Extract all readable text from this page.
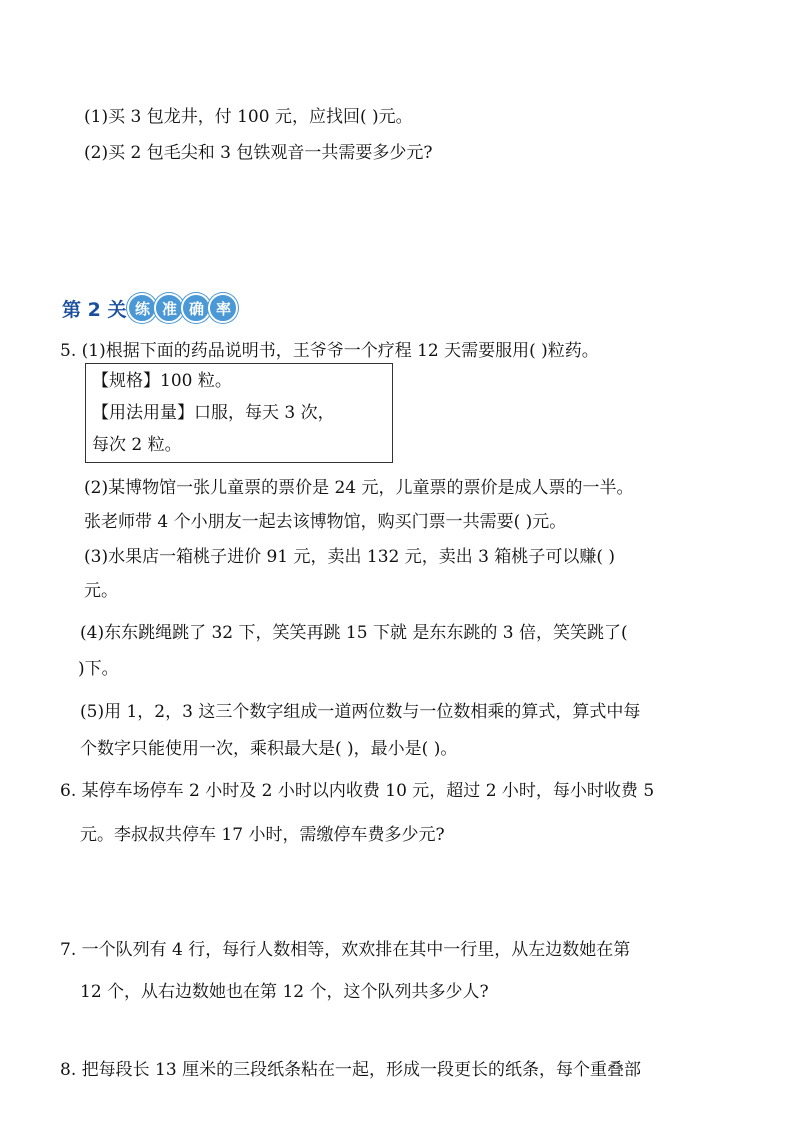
(1)买 3 包龙井，付 100 元，应找回( )元。
(2)买 2 包毛尖和 3 包铁观音一共需要多少元?
第 2 关 练 准 确 率
5. (1)根据下面的药品说明书，王爷爷一个疗程 12 天需要服用( )粒药。
【规格】100 粒。
【用法用量】口服，每天 3 次，
每次 2 粒。
(2)某博物馆一张儿童票的票价是 24 元，儿童票的票价是成人票的一半。
张老师带 4 个小朋友一起去该博物馆，购买门票一共需要( )元。
(3)水果店一箱桃子进价 91 元，卖出 132 元，卖出 3 箱桃子可以赚( )
元。
(4)东东跳绳跳了 32 下，笑笑再跳 15 下就 是东东跳的 3 倍，笑笑跳了(
)下。
(5)用 1，2，3 这三个数字组成一道两位数与一位数相乘的算式，算式中每
个数字只能使用一次，乘积最大是( )，最小是( )。
6. 某停车场停车 2 小时及 2 小时以内收费 10 元，超过 2 小时，每小时收费 5
元。李叔叔共停车 17 小时，需缴停车费多少元?
7. 一个队列有 4 行，每行人数相等，欢欢排在其中一行里，从左边数她在第
12 个，从右边数她也在第 12 个，这个队列共多少人?
8. 把每段长 13 厘米的三段纸条粘在一起，形成一段更长的纸条，每个重叠部
